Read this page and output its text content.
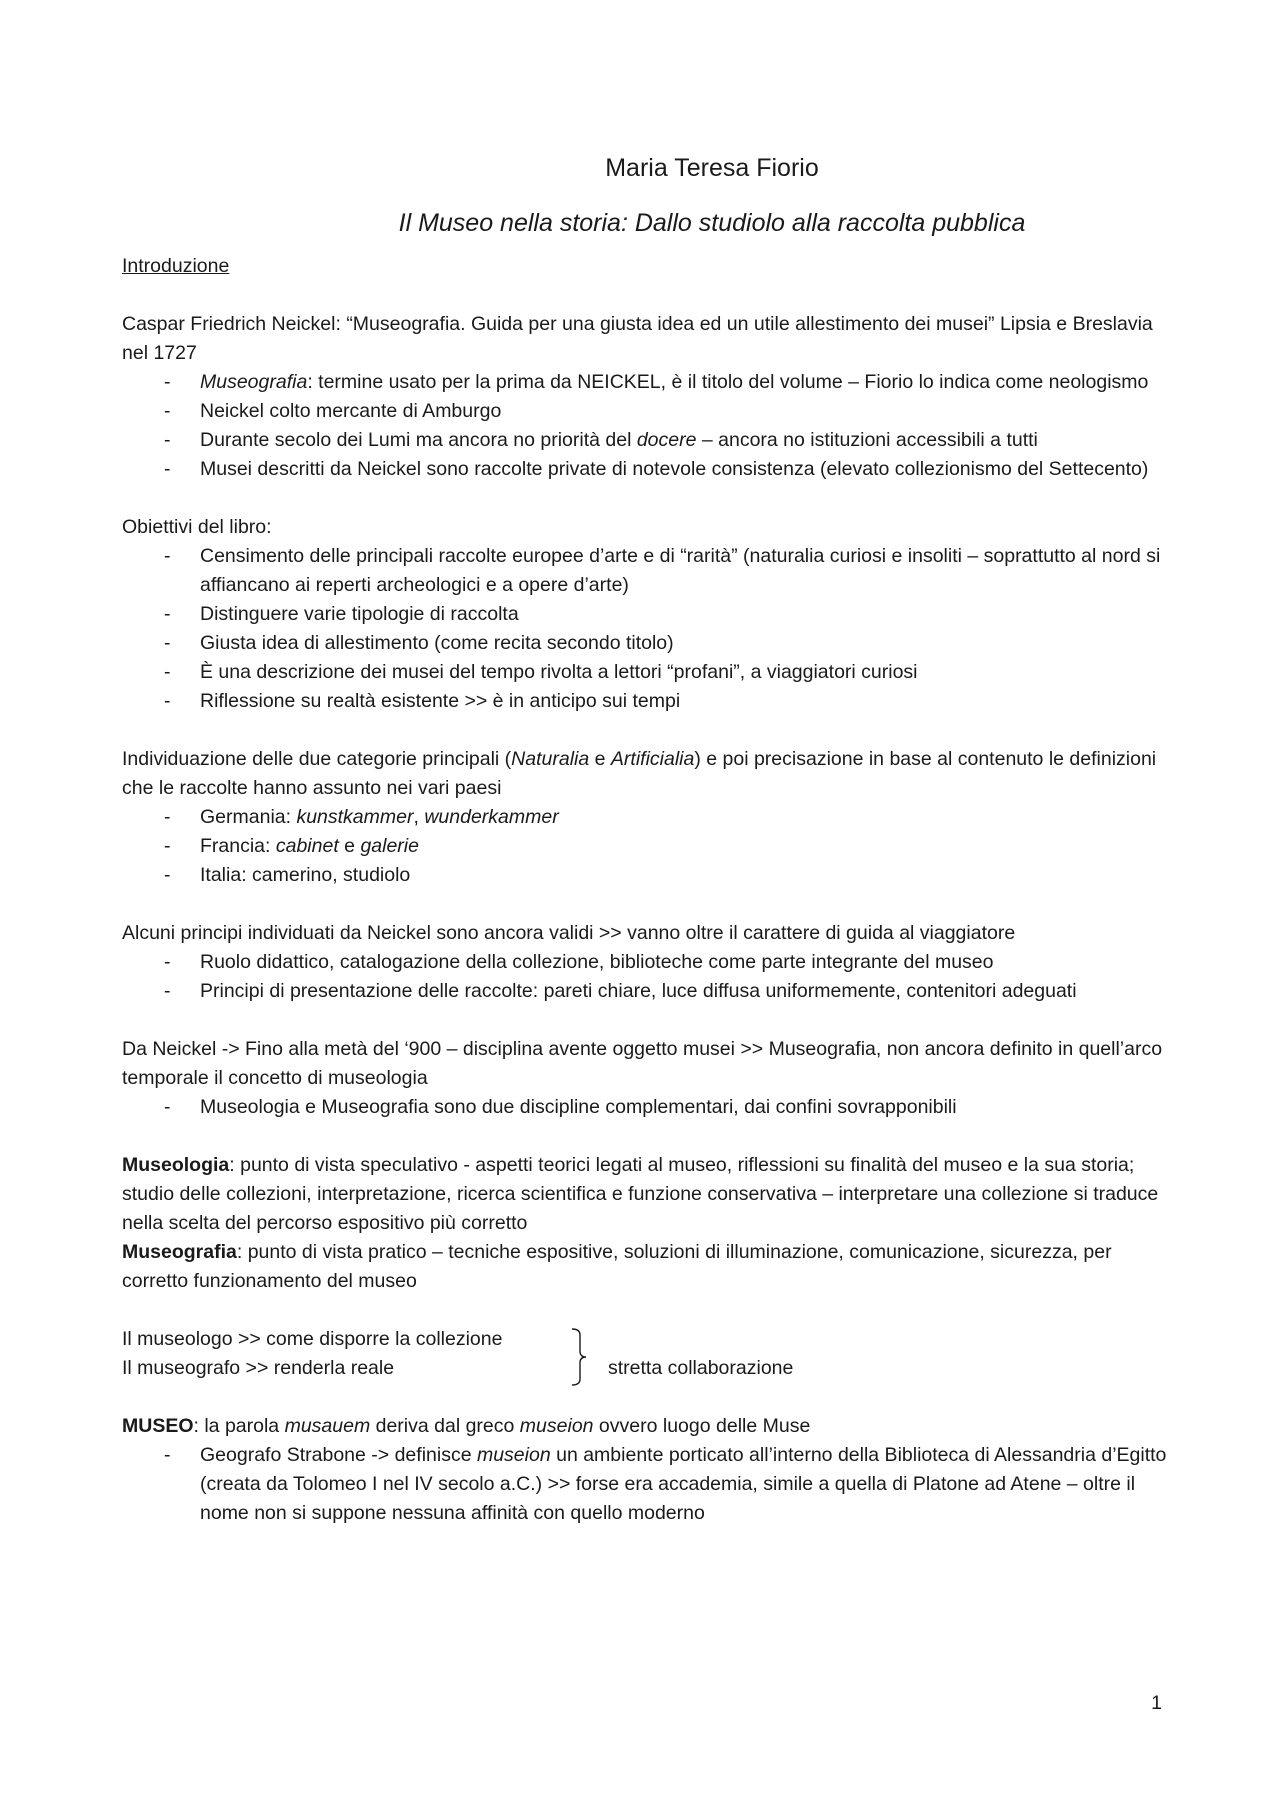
Maria Teresa Fiorio
Il Museo nella storia: Dallo studiolo alla raccolta pubblica
Introduzione

Caspar Friedrich Neickel: “Museografia. Guida per una giusta idea ed un utile allestimento dei musei” Lipsia e Breslavia nel 1727

- Museografia: termine usato per la prima da NEICKEL, è il titolo del volume – Fiorio lo indica come neologismo
- Neickel colto mercante di Amburgo
- Durante secolo dei Lumi ma ancora no priorità del docere – ancora no istituzioni accessibili a tutti
- Musei descritti da Neickel sono raccolte private di notevole consistenza (elevato collezionismo del Settecento)

Obiettivi del libro:

- Censimento delle principali raccolte europee d’arte e di “rarità” (naturalia curiosi e insoliti – soprattutto al nord si affiancano ai reperti archeologici e a opere d’arte)
- Distinguere varie tipologie di raccolta
- Giusta idea di allestimento (come recita secondo titolo)
- È una descrizione dei musei del tempo rivolta a lettori “profani”, a viaggiatori curiosi
- Riflessione su realtà esistente >> è in anticipo sui tempi

Individuazione delle due categorie principali (Naturalia e Artificialia) e poi precisazione in base al contenuto le definizioni che le raccolte hanno assunto nei vari paesi

- Germania: kunstkammer, wunderkammer
- Francia: cabinet e galerie
- Italia: camerino, studiolo

Alcuni principi individuati da Neickel sono ancora validi >> vanno oltre il carattere di guida al viaggiatore

- Ruolo didattico, catalogazione della collezione, biblioteche come parte integrante del museo
- Principi di presentazione delle raccolte: pareti chiare, luce diffusa uniformemente, contenitori adeguati

Da Neickel -> Fino alla metà del ‘900 – disciplina avente oggetto musei >> Museografia, non ancora definito in quell’arco temporale il concetto di museologia

- Museologia e Museografia sono due discipline complementari, dai confini sovrapponibili

Museologia: punto di vista speculativo - aspetti teorici legati al museo, riflessioni su finalità del museo e la sua storia; studio delle collezioni, interpretazione, ricerca scientifica e funzione conservativa – interpretare una collezione si traduce nella scelta del percorso espositivo più corretto

Museografia: punto di vista pratico – tecniche espositive, soluzioni di illuminazione, comunicazione, sicurezza, per corretto funzionamento del museo

Il museologo >> come disporre la collezione
Il museografo >> renderla reale	stretta collaborazione

MUSEO: la parola musauem deriva dal greco museion ovvero luogo delle Muse

- Geografo Strabone -> definisce museion un ambiente porticato all’interno della Biblioteca di Alessandria d’Egitto (creata da Tolomeo I nel IV secolo a.C.) >> forse era accademia, simile a quella di Platone ad Atene – oltre il nome non si suppone nessuna affinità con quello moderno
1
